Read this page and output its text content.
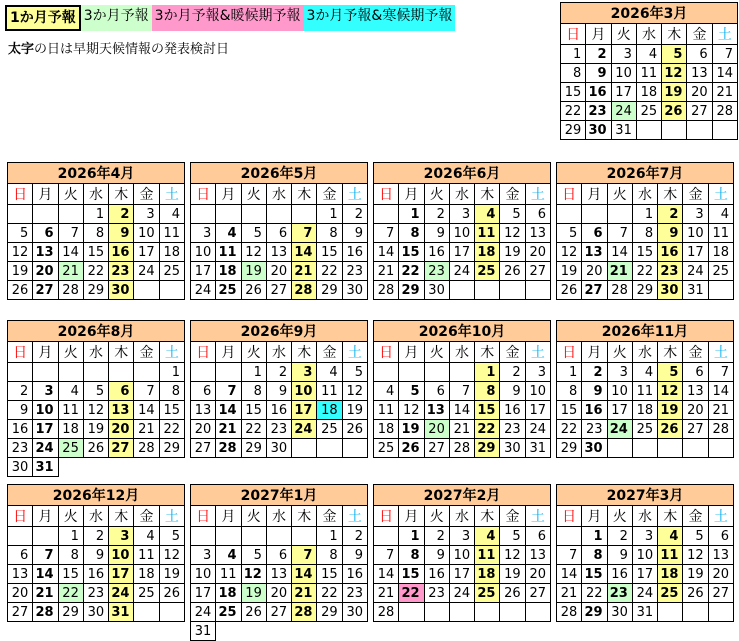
1か月予報 3か月予報 3か月予報&暖候期予報 3か月予報&寒候期予報
太字の日は早期天候情報の発表検討日
2026年3月						
日	月	火	水	木	金	土
1	2	3	4	5	6	7
8	9	10	11	12	13	14
15	16	17	18	19	20	21
22	23	24	25	26	27	28
29	30	31				
2026年4月						
日	月	火	水	木	金	土
			1	2	3	4
5	6	7	8	9	10	11
12	13	14	15	16	17	18
19	20	21	22	23	24	25
26	27	28	29	30		
2026年5月						
日	月	火	水	木	金	土
					1	2
3	4	5	6	7	8	9
10	11	12	13	14	15	16
17	18	19	20	21	22	23
24	25	26	27	28	29	30
2026年6月						
日	月	火	水	木	金	土
	1	2	3	4	5	6
7	8	9	10	11	12	13
14	15	16	17	18	19	20
21	22	23	24	25	26	27
28	29	30				
2026年7月						
日	月	火	水	木	金	土
			1	2	3	4
5	6	7	8	9	10	11
12	13	14	15	16	17	18
19	20	21	22	23	24	25
26	27	28	29	30	31	
2026年8月						
日	月	火	水	木	金	土
						1
2	3	4	5	6	7	8
9	10	11	12	13	14	15
16	17	18	19	20	21	22
23	24	25	26	27	28	29
30	31					
2026年9月						
日	月	火	水	木	金	土
		1	2	3	4	5
6	7	8	9	10	11	12
13	14	15	16	17	18	19
20	21	22	23	24	25	26
27	28	29	30			
2026年10月						
日	月	火	水	木	金	土
				1	2	3
4	5	6	7	8	9	10
11	12	13	14	15	16	17
18	19	20	21	22	23	24
25	26	27	28	29	30	31
2026年11月						
日	月	火	水	木	金	土
1	2	3	4	5	6	7
8	9	10	11	12	13	14
15	16	17	18	19	20	21
22	23	24	25	26	27	28
29	30					
2026年12月						
日	月	火	水	木	金	土
		1	2	3	4	5
6	7	8	9	10	11	12
13	14	15	16	17	18	19
20	21	22	23	24	25	26
27	28	29	30	31		
2027年1月						
日	月	火	水	木	金	土
					1	2
3	4	5	6	7	8	9
10	11	12	13	14	15	16
17	18	19	20	21	22	23
24	25	26	27	28	29	30
31						
2027年2月						
日	月	火	水	木	金	土
	1	2	3	4	5	6
7	8	9	10	11	12	13
14	15	16	17	18	19	20
21	22	23	24	25	26	27
28						
2027年3月						
日	月	火	水	木	金	土
	1	2	3	4	5	6
7	8	9	10	11	12	13
14	15	16	17	18	19	20
21	22	23	24	25	26	27
28	29	30	31			
